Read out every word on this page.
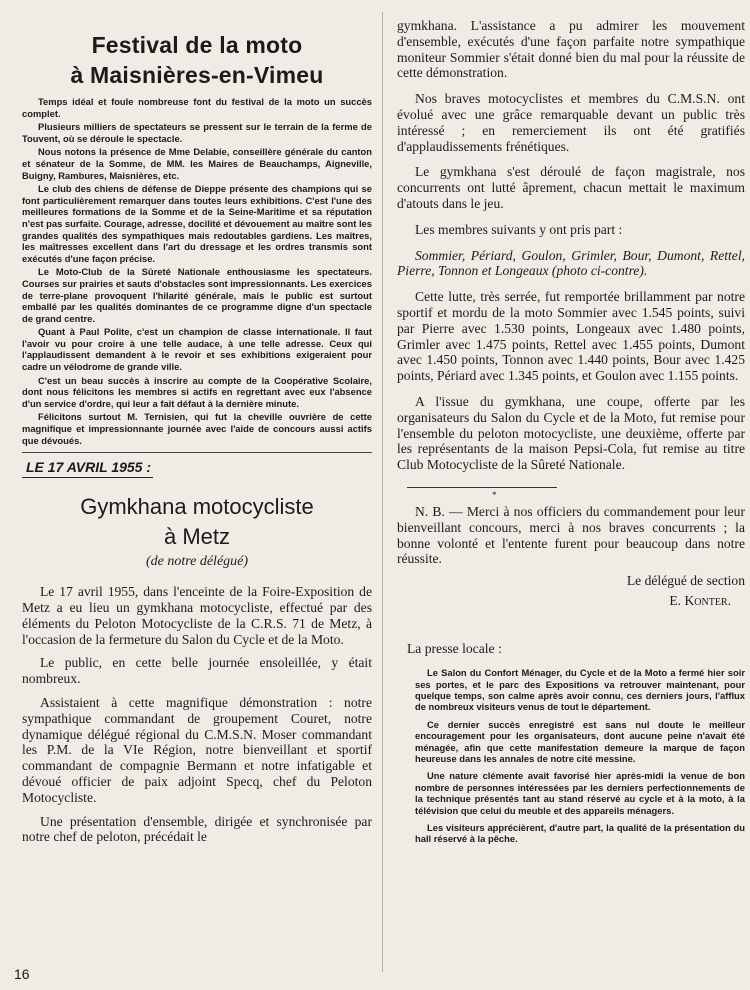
Festival de la moto
à Maisnières-en-Vimeu

Temps idéal et foule nombreuse font du festival de la moto un succès complet.

Plusieurs milliers de spectateurs se pressent sur le terrain de la ferme de Touvent, où se déroule le spectacle.

Nous notons la présence de Mme Delabie, conseillère générale du canton et sénateur de la Somme, de MM. les Maires de Beauchamps, Aigneville, Buigny, Rambures, Maisnières, etc.

Le club des chiens de défense de Dieppe présente des champions qui se font particulièrement remarquer dans toutes leurs exhibitions. C'est l'une des meilleures formations de la Somme et de la Seine-Maritime et sa réputation n'est pas surfaite. Courage, adresse, docilité et dévouement au maître sont les grandes qualités des sympathiques mais redoutables gardiens. Les maîtres, les maîtresses excellent dans l'art du dressage et les ordres transmis sont exécutés d'une façon précise.

Le Moto-Club de la Sûreté Nationale enthousiasme les spectateurs. Courses sur prairies et sauts d'obstacles sont impressionnants. Les exercices de terre-plane provoquent l'hilarité générale, mais le public est surtout emballé par les qualités dominantes de ce programme digne d'un spectacle de grand centre.

Quant à Paul Polite, c'est un champion de classe internationale. Il faut l'avoir vu pour croire à une telle audace, à une telle adresse. Ceux qui l'applaudissent demandent à le revoir et ses exhibitions exigeraient pour cadre un vélodrome de grande ville.

C'est un beau succès à inscrire au compte de la Coopérative Scolaire, dont nous félicitons les membres si actifs en regrettant avec eux l'absence d'un service d'ordre, qui leur a fait défaut à la dernière minute.

Félicitons surtout M. Ternisien, qui fut la cheville ouvrière de cette magnifique et impressionnante journée avec l'aide de concours aussi actifs que dévoués.

LE 17 AVRIL 1955 :
Gymkhana motocycliste
à Metz
(de notre délégué)

Le 17 avril 1955, dans l'enceinte de la Foire-Exposition de Metz a eu lieu un gymkhana motocycliste, effectué par des éléments du Peloton Motocycliste de la C.R.S. 71 de Metz, à l'occasion de la fermeture du Salon du Cycle et de la Moto.

Le public, en cette belle journée ensoleillée, y était nombreux.

Assistaient à cette magnifique démonstration : notre sympathique commandant de groupement Couret, notre dynamique délégué régional du C.M.S.N. Moser commandant les P.M. de la VIe Région, notre bienveillant et sportif commandant de compagnie Bermann et notre infatigable et dévoué officier de paix adjoint Specq, chef du Peloton Motocycliste.

Une présentation d'ensemble, dirigée et synchronisée par notre chef de peloton, précédait le

gymkhana. L'assistance a pu admirer les mouvement d'ensemble, exécutés d'une façon parfaite notre sympathique moniteur Sommier s'était donné bien du mal pour la réussite de cette démonstration.

Nos braves motocyclistes et membres du C.M.S.N. ont évolué avec une grâce remarquable devant un public très intéressé ; en remerciement ils ont été gratifiés d'applaudissements frénétiques.

Le gymkhana s'est déroulé de façon magistrale, nos concurrents ont lutté âprement, chacun mettait le maximum d'atouts dans le jeu.

Les membres suivants y ont pris part :

Sommier, Périard, Goulon, Grimler, Bour, Dumont, Rettel, Pierre, Tonnon et Longeaux (photo ci-contre).

Cette lutte, très serrée, fut remportée brillamment par notre sportif et mordu de la moto Sommier avec 1.545 points, suivi par Pierre avec 1.530 points, Longeaux avec 1.480 points, Grimler avec 1.475 points, Rettel avec 1.455 points, Dumont avec 1.450 points, Tonnon avec 1.440 points, Bour avec 1.425 points, Périard avec 1.345 points, et Goulon avec 1.155 points.

A l'issue du gymkhana, une coupe, offerte par les organisateurs du Salon du Cycle et de la Moto, fut remise pour l'ensemble du peloton motocycliste, une deuxième, offerte par les représentants de la maison Pepsi-Cola, fut remise au titre Club Motocycliste de la Sûreté Nationale.

*

N. B. — Merci à nos officiers du commandement pour leur bienveillant concours, merci à nos braves concurrents ; la bonne volonté et l'entente furent pour beaucoup dans notre réussite.

Le délégué de section
E. Konter.
La presse locale :

Le Salon du Confort Ménager, du Cycle et de la Moto a fermé hier soir ses portes, et le parc des Expositions va retrouver maintenant, pour quelque temps, son calme après avoir connu, ces derniers jours, l'afflux de nombreux visiteurs venus de tout le département.

Ce dernier succès enregistré est sans nul doute le meilleur encouragement pour les organisateurs, dont aucune peine n'avait été ménagée, afin que cette manifestation demeure la marque de façon heureuse dans les annales de notre cité messine.

Une nature clémente avait favorisé hier après-midi la venue de bon nombre de personnes intéressées par les derniers perfectionnements de la technique présentés tant au stand réservé au cycle et à la moto, à la télévision que celui du meuble et des appareils ménagers.

Les visiteurs apprécièrent, d'autre part, la qualité de la présentation du hall réservé à la pêche.

16
